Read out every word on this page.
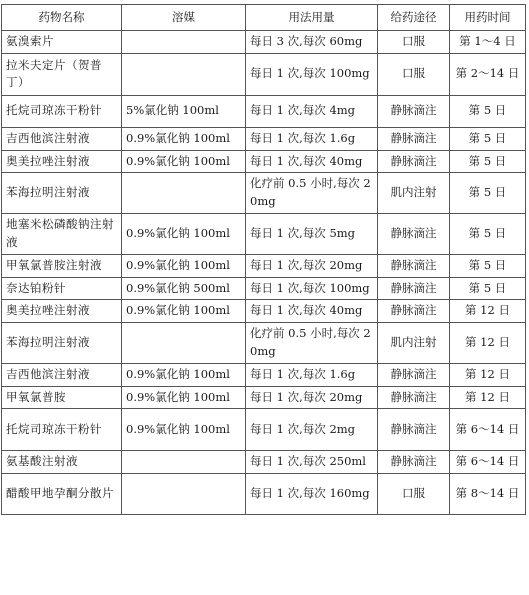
药物名称	溶媒	用法用量	给药途径	用药时间
氨溴索片		每日 3 次,每次 60mg	口服	第 1～4 日
拉米夫定片（贺普丁）		每日 1 次,每次 100mg	口服	第 2～14 日
托烷司琼冻干粉针	5%氯化钠 100ml	每日 1 次,每次 4mg	静脉滴注	第 5 日
吉西他滨注射液	0.9%氯化钠 100ml	每日 1 次,每次 1.6g	静脉滴注	第 5 日
奥美拉唑注射液	0.9%氯化钠 100ml	每日 1 次,每次 40mg	静脉滴注	第 5 日
苯海拉明注射液		化疗前 0.5 小时,每次 20mg	肌内注射	第 5 日
地塞米松磷酸钠注射液	0.9%氯化钠 100ml	每日 1 次,每次 5mg	静脉滴注	第 5 日
甲氧氯普胺注射液	0.9%氯化钠 100ml	每日 1 次,每次 20mg	静脉滴注	第 5 日
奈达铂粉针	0.9%氯化钠 500ml	每日 1 次,每次 100mg	静脉滴注	第 5 日
奥美拉唑注射液	0.9%氯化钠 100ml	每日 1 次,每次 40mg	静脉滴注	第 12 日
苯海拉明注射液		化疗前 0.5 小时,每次 20mg	肌内注射	第 12 日
吉西他滨注射液	0.9%氯化钠 100ml	每日 1 次,每次 1.6g	静脉滴注	第 12 日
甲氧氯普胺	0.9%氯化钠 100ml	每日 1 次,每次 20mg	静脉滴注	第 12 日
托烷司琼冻干粉针	0.9%氯化钠 100ml	每日 1 次,每次 2mg	静脉滴注	第 6～14 日
氨基酸注射液		每日 1 次,每次 250ml	静脉滴注	第 6～14 日
醋酸甲地孕酮分散片		每日 1 次,每次 160mg	口服	第 8～14 日
